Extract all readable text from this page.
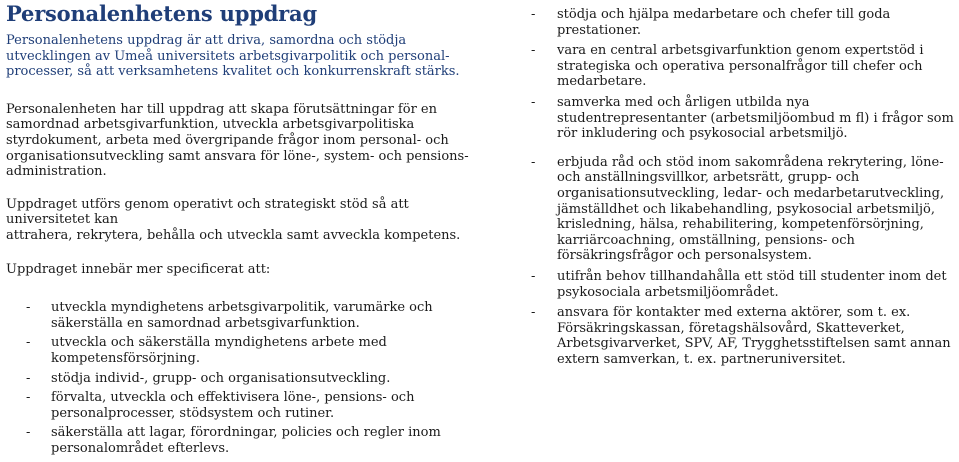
Personalenhetens uppdrag

Personalenhetens uppdrag är att driva, samordna och stödja utvecklingen av Umeå universitets arbetsgivarpolitik och personal-processer, så att verksamhetens kvalitet och konkurrenskraft stärks.

Personalenheten har till uppdrag att skapa förutsättningar för en samordnad arbetsgivarfunktion, utveckla arbetsgivarpolitiska styrdokument, arbeta med övergripande frågor inom personal- och organisationsutveckling samt ansvara för löne-, system- och pensions-administration.

Uppdraget utförs genom operativt och strategiskt stöd så att universitetet kan
attrahera, rekrytera, behålla och utveckla samt avveckla kompetens.

Uppdraget innebär mer specificerat att:

- utveckla myndighetens arbetsgivarpolitik, varumärke och säkerställa en samordnad arbetsgivarfunktion.
- utveckla och säkerställa myndighetens arbete med kompetensförsörjning.
- stödja individ-, grupp- och organisationsutveckling.
- förvalta, utveckla och effektivisera löne-, pensions- och personalprocesser, stödsystem och rutiner.
- säkerställa att lagar, förordningar, policies och regler inom personalområdet efterlevs.
- stödja och hjälpa medarbetare och chefer till goda prestationer.
- vara en central arbetsgivarfunktion genom expertstöd i strategiska och operativa personalfrågor till chefer och medarbetare.
- samverka med och årligen utbilda nya studentrepresentanter (arbetsmiljöombud m fl) i frågor som rör inkludering och psykosocial arbetsmiljö.
- erbjuda råd och stöd inom sakområdena rekrytering, löne- och anställningsvillkor, arbetsrätt, grupp- och organisationsutveckling, ledar- och medarbetarutveckling, jämställdhet och likabehandling, psykosocial arbetsmiljö, krisledning, hälsa, rehabilitering, kompetenförsörjning, karriärcoachning, omställning, pensions- och försäkringsfrågor och personalsystem.
- utifrån behov tillhandahålla ett stöd till studenter inom det psykosociala arbetsmiljöområdet.
- ansvara för kontakter med externa aktörer, som t. ex. Försäkringskassan, företagshälsovård, Skatteverket, Arbetsgivarverket, SPV, AF, Trygghetsstiftelsen samt annan extern samverkan, t. ex. partneruniversitet.
